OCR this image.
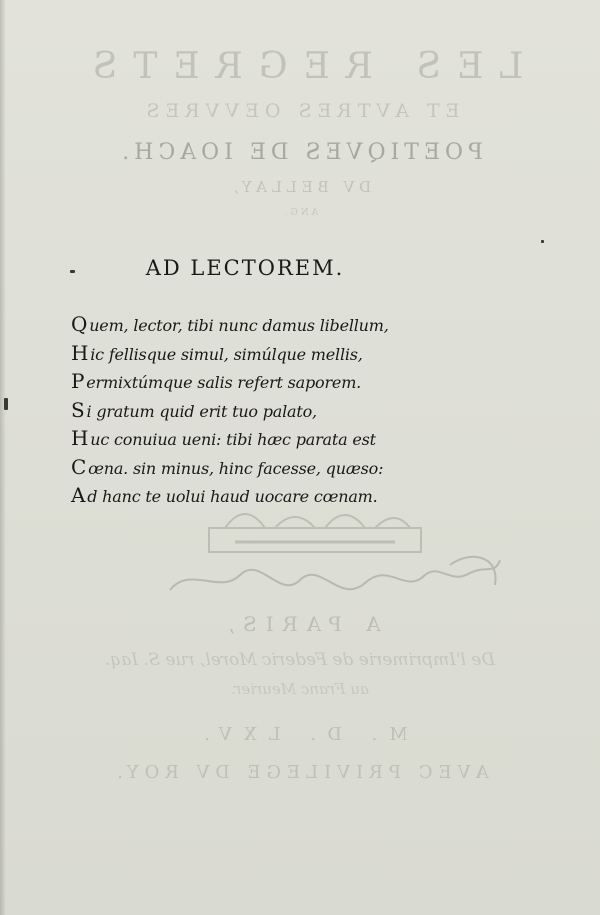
LES REGRETS
ET AVTRES OEVVRES
POETIQVES DE IOACH.
DV BELLAY,
ANG.
A PARIS,
De l'Imprimerie de Federic Morel, rue S. Iaq.
au Franc Meurier.
M. D. LXV.
AVEC PRIVILEGE DV ROY.
AD LECTOREM.
Q uem, lector, tibi nunc damus libellum,
H ic fellisque simul, simúlque mellis,
P ermixtúmque salis refert saporem.
S i gratum quid erit tuo palato,
H uc conuiua ueni: tibi hæc parata est
C œna. sin minus, hinc facesse, quæso:
A d hanc te uolui haud uocare cœnam.
